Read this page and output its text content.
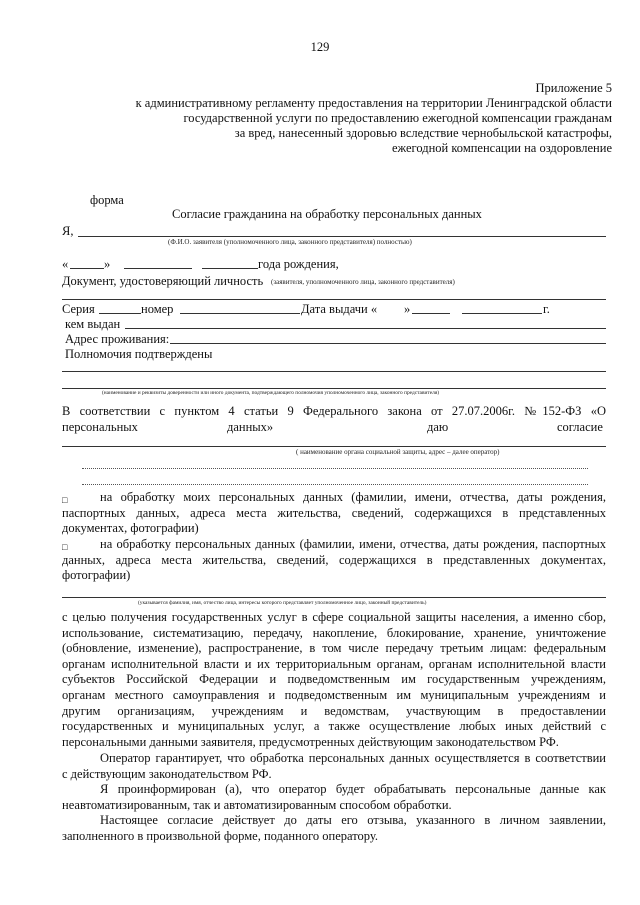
129
Приложение 5
к административному регламенту предоставления на территории Ленинградской области
государственной услуги по предоставлению ежегодной компенсации гражданам
за вред, нанесенный здоровью вследствие чернобыльской катастрофы,
ежегодной компенсации на оздоровление
форма
Согласие гражданина на обработку персональных данных
Я,
(Ф.И.О. заявителя (уполномоченного лица, законного представителя) полностью)
«	»	года рождения,
Документ, удостоверяющий личность (заявителя, уполномоченного лица, законного представителя)
Серия	номер	Дата выдачи « »	г.
кем выдан
Адрес проживания:
Полномочия подтверждены
(наименование и реквизиты доверенности или иного документа, подтверждающего полномочия уполномоченного лица, законного представителя)
В соответствии с пунктом 4 статьи 9 Федерального закона от 27.07.2006г. №152-ФЗ «О
персональных	данных»	даю	согласие
( наименование органа социальной защиты, адрес – далее оператор)
□	на обработку моих персональных данных (фамилии, имени, отчества, даты рождения,
паспортных данных, адреса места жительства, сведений, содержащихся в представленных
документах, фотографии)
□	на обработку персональных данных (фамилии, имени, отчества, даты рождения, паспортных
данных, адреса места жительства, сведений, содержащихся в представленных документах,
фотографии)
(указывается фамилия, имя, отчество лица, интересы которого представляет уполномоченное лицо, законный представитель)
с целью получения государственных услуг в сфере социальной защиты населения, а именно сбор,
использование, систематизацию, передачу, накопление, блокирование, хранение, уничтожение
(обновление, изменение), распространение, в том числе передачу третьим лицам: федеральным
органам исполнительной власти и их территориальным органам, органам исполнительной власти
субъектов Российской Федерации и подведомственным им государственным учреждениям,
органам местного самоуправления и подведомственным им муниципальным учреждениям и
другим организациям, учреждениям и ведомствам, участвующим в предоставлении
государственных и муниципальных услуг, а также осуществление любых иных действий с
персональными данными заявителя, предусмотренных действующим законодательством РФ.
Оператор гарантирует, что обработка персональных данных осуществляется в соответствии
с действующим законодательством РФ.
Я проинформирован (а), что оператор будет обрабатывать персональные данные как
неавтоматизированным, так и автоматизированным способом обработки.
Настоящее согласие действует до даты его отзыва, указанного в личном заявлении,
заполненного в произвольной форме, поданного оператору.
